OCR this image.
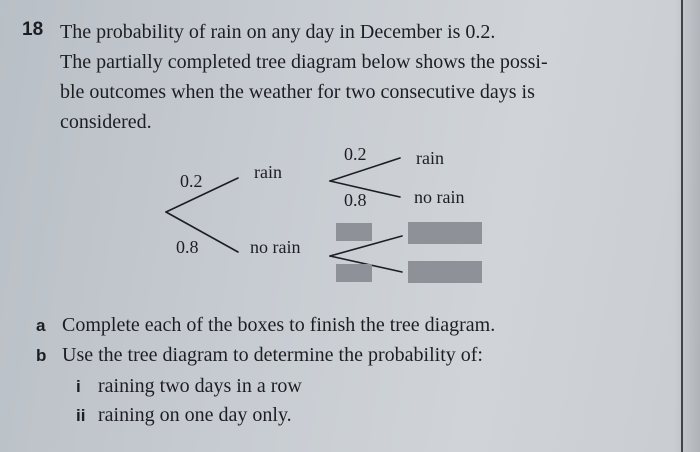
18 The probability of rain on any day in December is 0.2.
The partially completed tree diagram below shows the possi-
ble outcomes when the weather for two consecutive days is
considered.
0.2	rain
0.8	no rain
0.2	rain
0.8	no rain
a Complete each of the boxes to finish the tree diagram.
b Use the tree diagram to determine the probability of:
i raining two days in a row
ii raining on one day only.
